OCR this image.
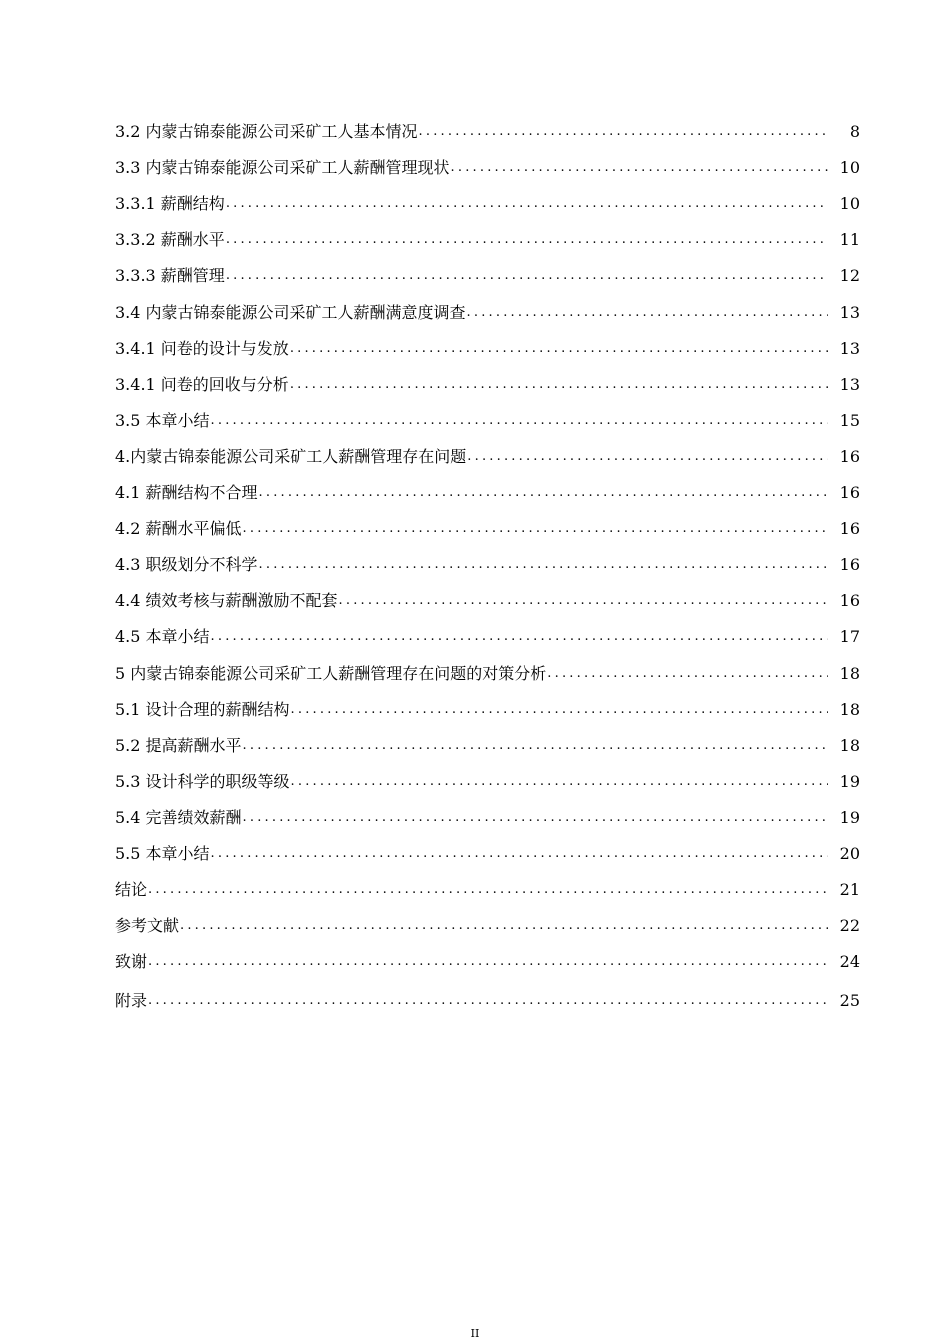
3.2 内蒙古锦泰能源公司采矿工人基本情况 .....	8
3.3 内蒙古锦泰能源公司采矿工人薪酬管理现状 .....	10
3.3.1 薪酬结构 .....	10
3.3.2 薪酬水平 .....	11
3.3.3 薪酬管理 .....	12
3.4 内蒙古锦泰能源公司采矿工人薪酬满意度调查 .....	13
3.4.1 问卷的设计与发放 .....	13
3.4.1 问卷的回收与分析 .....	13
3.5 本章小结 .....	15
4.内蒙古锦泰能源公司采矿工人薪酬管理存在问题 .....	16
4.1 薪酬结构不合理 .....	16
4.2 薪酬水平偏低 .....	16
4.3 职级划分不科学 .....	16
4.4 绩效考核与薪酬激励不配套 .....	16
4.5 本章小结 .....	17
5 内蒙古锦泰能源公司采矿工人薪酬管理存在问题的对策分析 .....	18
5.1 设计合理的薪酬结构 .....	18
5.2 提高薪酬水平 .....	18
5.3 设计科学的职级等级 .....	19
5.4 完善绩效薪酬 .....	19
5.5 本章小结 .....	20
结论 .....	21
参考文献 .....	22
致谢 .....	24
附录 .....	25
II
